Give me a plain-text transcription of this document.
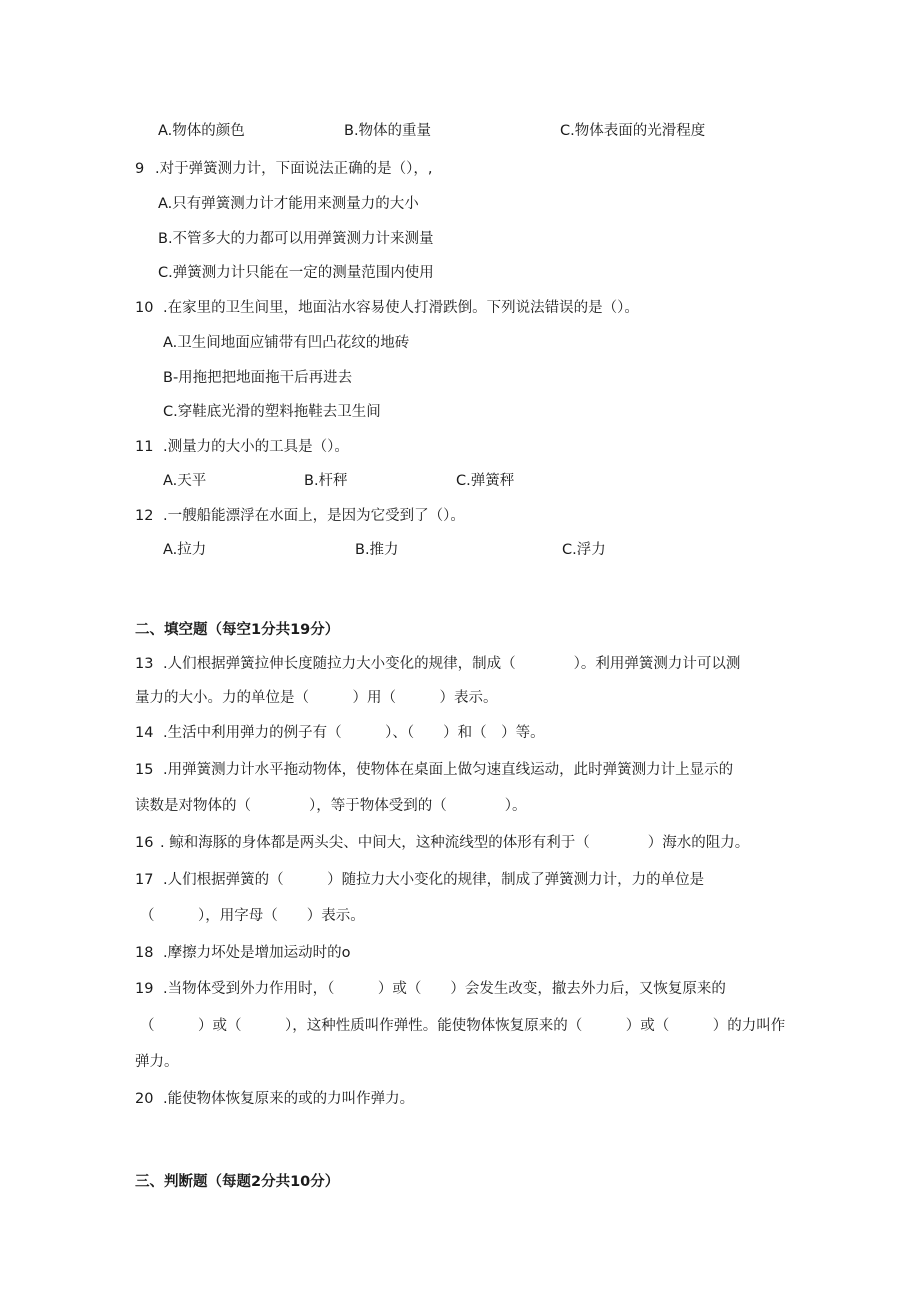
A.物体的颜色	B.物体的重量	C.物体表面的光滑程度
9 .对于弹簧测力计，下面说法正确的是（），,
A.只有弹簧测力计才能用来测量力的大小
B.不管多大的力都可以用弹簧测力计来测量
C.弹簧测力计只能在一定的测量范围内使用
10 .在家里的卫生间里，地面沾水容易使人打滑跌倒。下列说法错误的是（）。
A.卫生间地面应铺带有凹凸花纹的地砖
B-用拖把把地面拖干后再进去
C.穿鞋底光滑的塑料拖鞋去卫生间
11 .测量力的大小的工具是（）。
A.天平	B.杆秤	C.弹簧秤
12 .一艘船能漂浮在水面上，是因为它受到了（）。
A.拉力	B.推力	C.浮力
二、填空题（每空1分共19分）
13 .人们根据弹簧拉伸长度随拉力大小变化的规律，制成（　　　　）。利用弹簧测力计可以测
量力的大小。力的单位是（　　　）用（　　　）表示。
14 .生活中利用弹力的例子有（　　　）、（　　）和（　）等。
15 .用弹簧测力计水平拖动物体，使物体在桌面上做匀速直线运动，此时弹簧测力计上显示的
读数是对物体的（　　　　），等于物体受到的（　　　　）。
16 . 鲸和海豚的身体都是两头尖、中间大，这种流线型的体形有利于（　　　　）海水的阻力。
17 .人们根据弹簧的（　　　）随拉力大小变化的规律，制成了弹簧测力计，力的单位是
（　　　），用字母（　　）表示。
18 .摩擦力坏处是增加运动时的o
19 .当物体受到外力作用时，（　　　）或（　　）会发生改变，撤去外力后，又恢复原来的
（　　　）或（　　　），这种性质叫作弹性。能使物体恢复原来的（　　　）或（　　　）的力叫作
弹力。
20 .能使物体恢复原来的或的力叫作弹力。
三、判断题（每题2分共10分）
